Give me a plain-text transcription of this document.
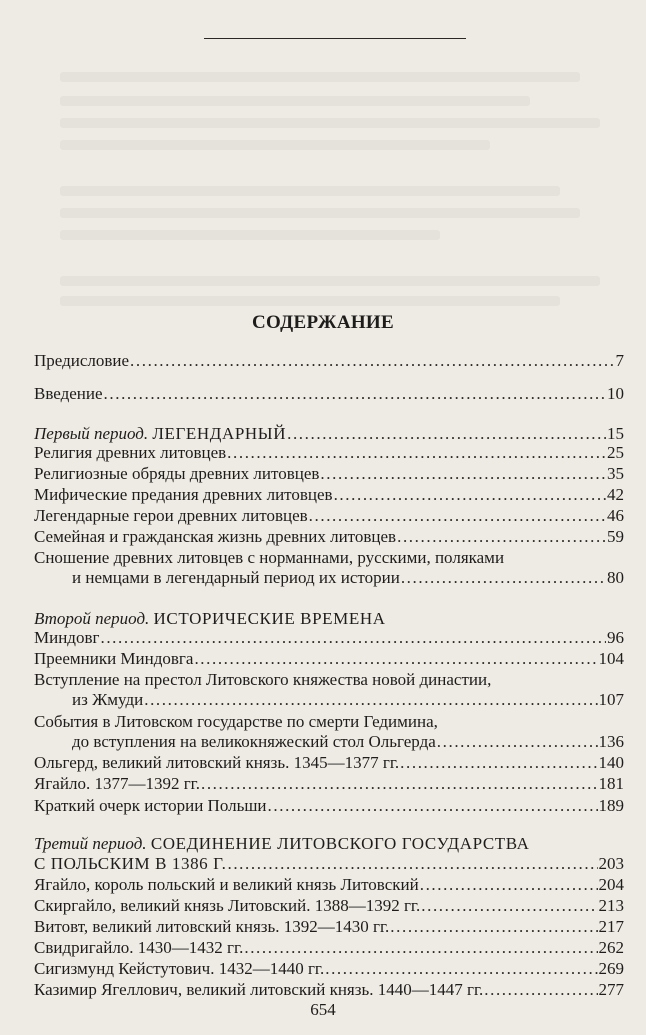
СОДЕРЖАНИЕ
Предисловие .....	7
Введение .....	10
Первый период. ЛЕГЕНДАРНЫЙ .....	15
Религия древних литовцев .....	25
Религиозные обряды древних литовцев .....	35
Мифические предания древних литовцев .....	42
Легендарные герои древних литовцев .....	46
Семейная и гражданская жизнь древних литовцев .....	59
Сношение древних литовцев с норманнами, русскими, поляками
и немцами в легендарный период их истории .....	80
Второй период. ИСТОРИЧЕСКИЕ ВРЕМЕНА
Миндовг .....	96
Преемники Миндовга .....	104
Вступление на престол Литовского княжества новой династии,
из Жмуди .....	107
События в Литовском государстве по смерти Гедимина,
до вступления на великокняжеский стол Ольгерда .....	136
Ольгерд, великий литовский князь. 1345—1377 гг. .....	140
Ягайло. 1377—1392 гг. .....	181
Краткий очерк истории Польши .....	189
Третий период. СОЕДИНЕНИЕ ЛИТОВСКОГО ГОСУДАРСТВА
С ПОЛЬСКИМ В 1386 Г. .....	203
Ягайло, король польский и великий князь Литовский .....	204
Скиргайло, великий князь Литовский. 1388—1392 гг. .....	213
Витовт, великий литовский князь. 1392—1430 гг. .....	217
Свидригайло. 1430—1432 гг. .....	262
Сигизмунд Кейстутович. 1432—1440 гг. .....	269
Казимир Ягеллович, великий литовский князь. 1440—1447 гг. .....	277
654
